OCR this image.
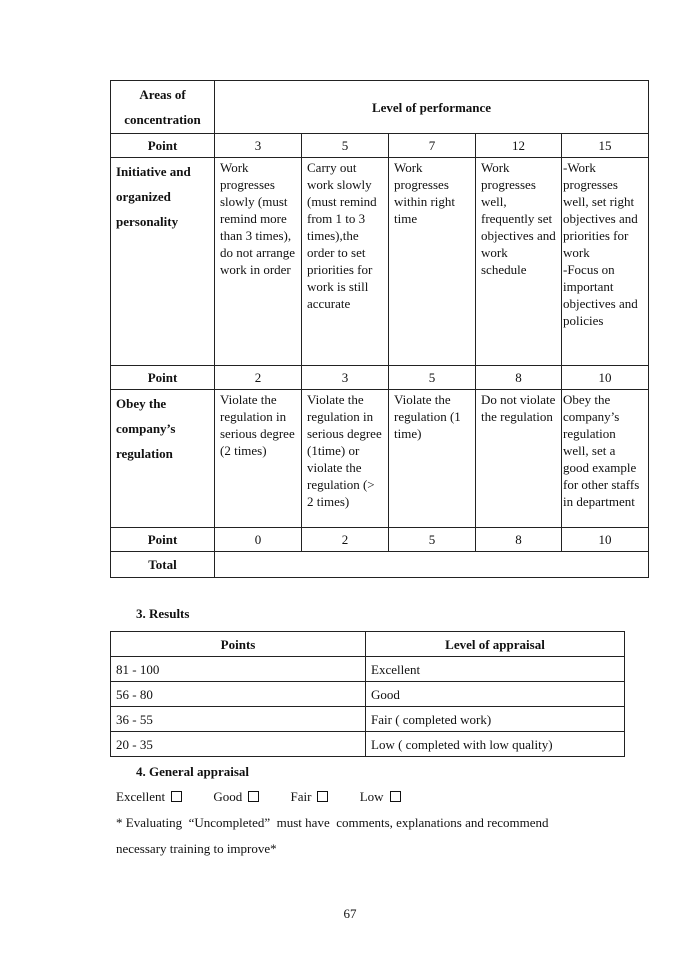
Areas of concentration	Level of performance				
Point	3	5	7	12	15
Initiative and organized personality	Work progresses slowly (must remind more than 3 times), do not arrange work in order	Carry out work slowly (must remind from 1 to 3 times),the order to set priorities for work is still accurate	Work progresses within right time	Work progresses well, frequently set objectives and work schedule	-Work progresses well, set right objectives and priorities for work
-Focus on important objectives and policies
Point	2	3	5	8	10
Obey the company’s regulation	Violate the regulation in serious degree (2 times)	Violate the regulation in serious degree (1time) or violate the regulation (> 2 times)	Violate the regulation (1 time)	Do not violate the regulation	Obey the company’s regulation well, set a good example for other staffs in department
Point	0	2	5	8	10
Total					
3. Results
Points	Level of appraisal
81 - 100	Excellent
56 - 80	Good
36 - 55	Fair ( completed work)
20 - 35	Low ( completed with low quality)
4. General appraisal
Excellent	Good	Fair	Low
* Evaluating  “Uncompleted”  must have  comments, explanations and recommend
necessary training to improve*
67
